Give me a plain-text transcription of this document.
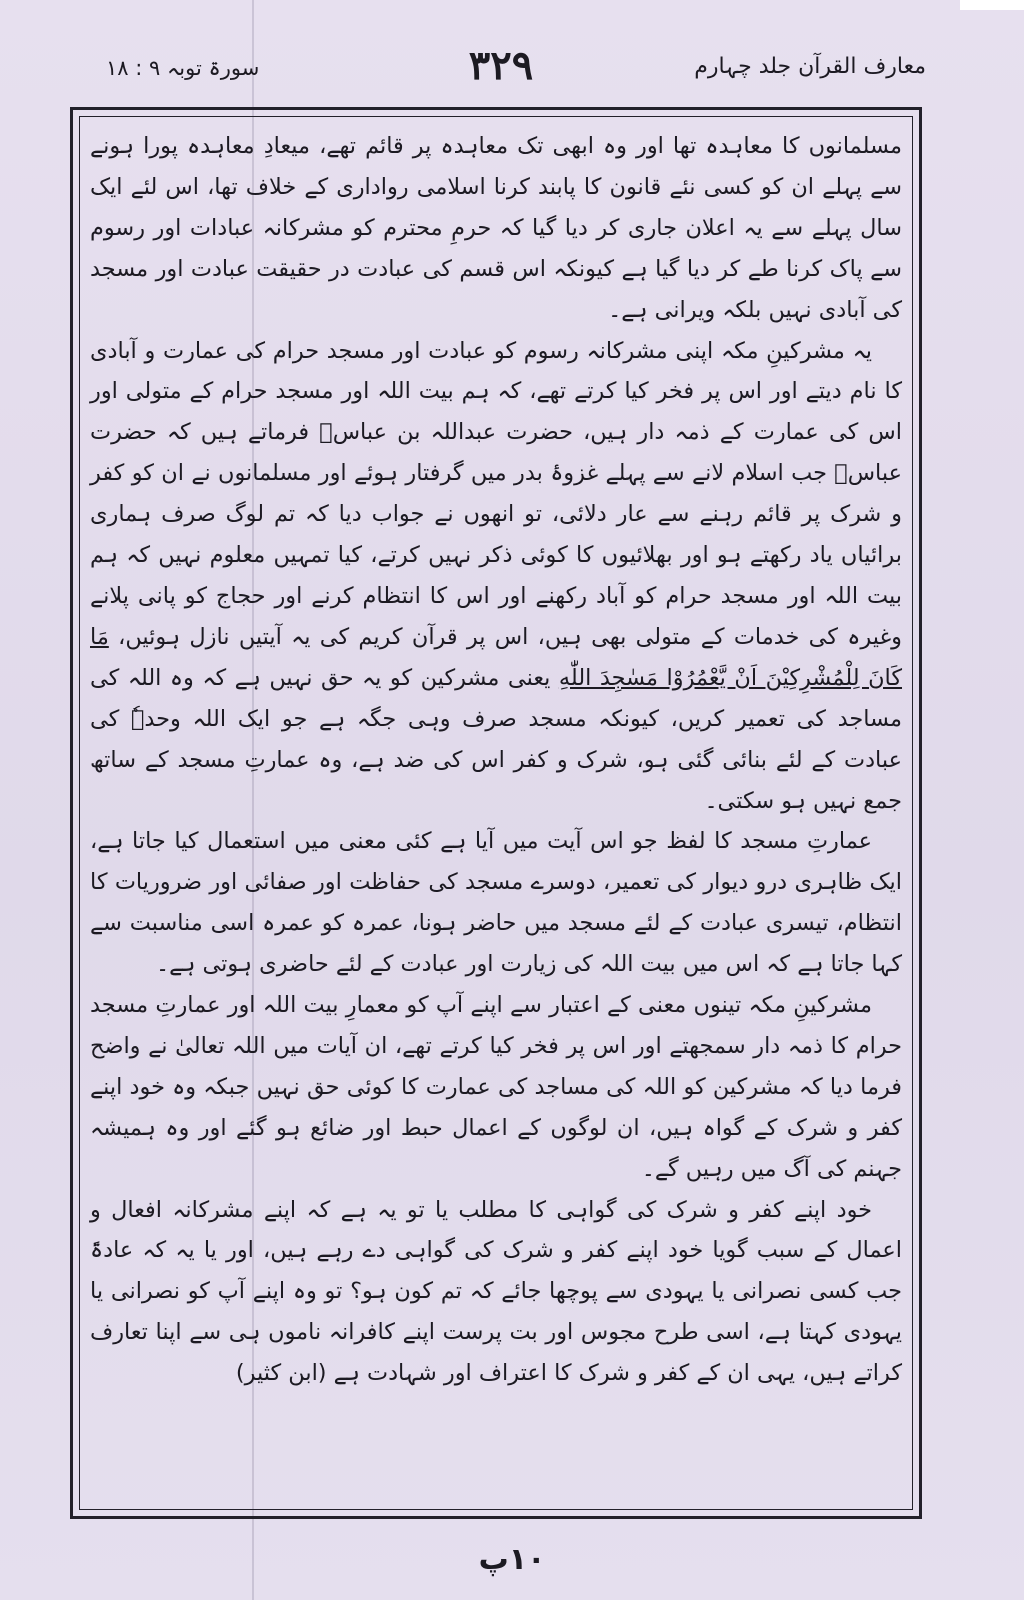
سورۃ توبہ ۹ : ۱۸	۳۲۹	معارف القرآن جلد چہارم

مسلمانوں کا معاہدہ تھا اور وہ ابھی تک معاہدہ پر قائم تھے، میعادِ معاہدہ پورا ہونے سے پہلے ان کو کسی نئے قانون کا پابند کرنا اسلامی رواداری کے خلاف تھا، اس لئے ایک سال پہلے سے یہ اعلان جاری کر دیا گیا کہ حرمِ محترم کو مشرکانہ عبادات اور رسوم سے پاک کرنا طے کر دیا گیا ہے کیونکہ اس قسم کی عبادت در حقیقت عبادت اور مسجد کی آبادی نہیں بلکہ ویرانی ہے۔

یہ مشرکینِ مکہ اپنی مشرکانہ رسوم کو عبادت اور مسجد حرام کی عمارت و آبادی کا نام دیتے اور اس پر فخر کیا کرتے تھے، کہ ہم بیت اللہ اور مسجد حرام کے متولی اور اس کی عمارت کے ذمہ دار ہیں، حضرت عبداللہ بن عباسؓ فرماتے ہیں کہ حضرت عباسؓ جب اسلام لانے سے پہلے غزوۂ بدر میں گرفتار ہوئے اور مسلمانوں نے ان کو کفر و شرک پر قائم رہنے سے عار دلائی، تو انھوں نے جواب دیا کہ تم لوگ صرف ہماری برائیاں یاد رکھتے ہو اور بھلائیوں کا کوئی ذکر نہیں کرتے، کیا تمہیں معلوم نہیں کہ ہم بیت اللہ اور مسجد حرام کو آباد رکھنے اور اس کا انتظام کرنے اور حجاج کو پانی پلانے وغیرہ کی خدمات کے متولی بھی ہیں، اس پر قرآن کریم کی یہ آیتیں نازل ہوئیں، مَا كَانَ لِلْمُشْرِكِيْنَ اَنْ يَّعْمُرُوْا مَسٰجِدَ اللّٰهِ یعنی مشرکین کو یہ حق نہیں ہے کہ وہ اللہ کی مساجد کی تعمیر کریں، کیونکہ مسجد صرف وہی جگہ ہے جو ایک اللہ وحدہٗ کی عبادت کے لئے بنائی گئی ہو، شرک و کفر اس کی ضد ہے، وہ عمارتِ مسجد کے ساتھ جمع نہیں ہو سکتی۔

عمارتِ مسجد کا لفظ جو اس آیت میں آیا ہے کئی معنی میں استعمال کیا جاتا ہے، ایک ظاہری درو دیوار کی تعمیر، دوسرے مسجد کی حفاظت اور صفائی اور ضروریات کا انتظام، تیسری عبادت کے لئے مسجد میں حاضر ہونا، عمرہ کو عمرہ اسی مناسبت سے کہا جاتا ہے کہ اس میں بیت اللہ کی زیارت اور عبادت کے لئے حاضری ہوتی ہے۔

مشرکینِ مکہ تینوں معنی کے اعتبار سے اپنے آپ کو معمارِ بیت اللہ اور عمارتِ مسجد حرام کا ذمہ دار سمجھتے اور اس پر فخر کیا کرتے تھے، ان آیات میں اللہ تعالیٰ نے واضح فرما دیا کہ مشرکین کو اللہ کی مساجد کی عمارت کا کوئی حق نہیں جبکہ وہ خود اپنے کفر و شرک کے گواہ ہیں، ان لوگوں کے اعمال حبط اور ضائع ہو گئے اور وہ ہمیشہ جہنم کی آگ میں رہیں گے۔

خود اپنے کفر و شرک کی گواہی کا مطلب یا تو یہ ہے کہ اپنے مشرکانہ افعال و اعمال کے سبب گویا خود اپنے کفر و شرک کی گواہی دے رہے ہیں، اور یا یہ کہ عادۃً جب کسی نصرانی یا یہودی سے پوچھا جائے کہ تم کون ہو؟ تو وہ اپنے آپ کو نصرانی یا یہودی کہتا ہے، اسی طرح مجوس اور بت پرست اپنے کافرانہ ناموں ہی سے اپنا تعارف کراتے ہیں، یہی ان کے کفر و شرک کا اعتراف اور شہادت ہے (ابن کثیر)

۱۰پ
